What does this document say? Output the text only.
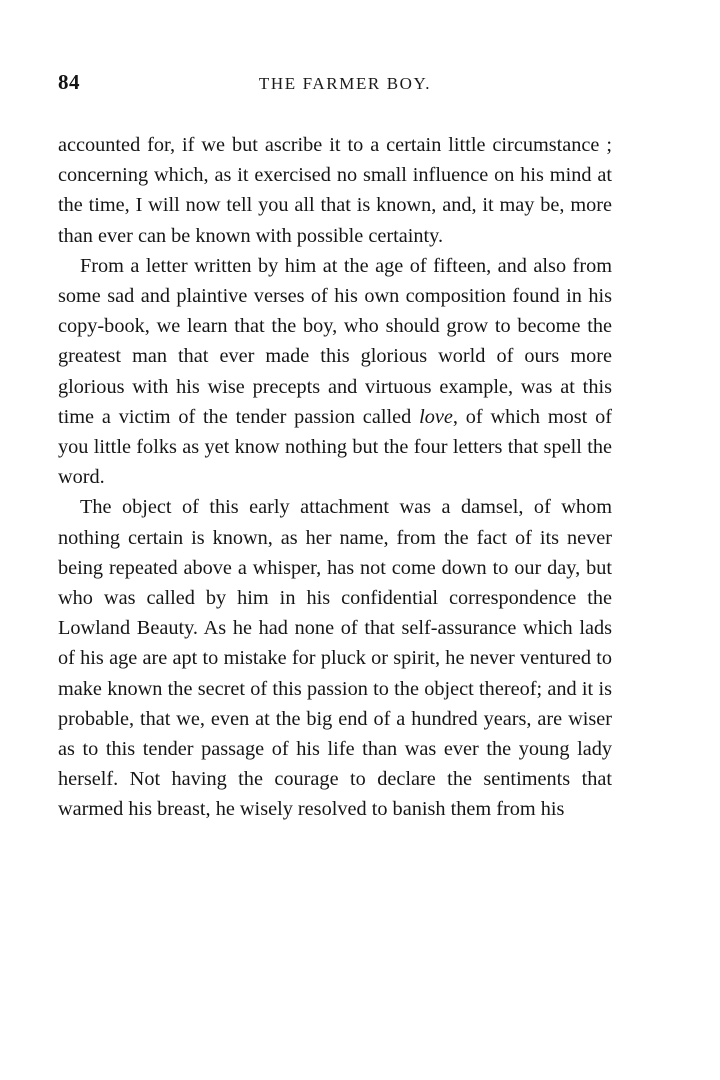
84	THE FARMER BOY.

accounted for, if we but ascribe it to a certain little circumstance ; concerning which, as it exercised no small influence on his mind at the time, I will now tell you all that is known, and, it may be, more than ever can be known with possible certainty.

From a letter written by him at the age of fifteen, and also from some sad and plaintive verses of his own composition found in his copy-book, we learn that the boy, who should grow to become the greatest man that ever made this glorious world of ours more glorious with his wise precepts and virtuous example, was at this time a victim of the tender passion called love, of which most of you little folks as yet know nothing but the four letters that spell the word.

The object of this early attachment was a damsel, of whom nothing certain is known, as her name, from the fact of its never being repeated above a whisper, has not come down to our day, but who was called by him in his confidential correspondence the Lowland Beauty. As he had none of that self-assurance which lads of his age are apt to mistake for pluck or spirit, he never ventured to make known the secret of this passion to the object thereof; and it is probable, that we, even at the big end of a hundred years, are wiser as to this tender passage of his life than was ever the young lady herself. Not having the courage to declare the sentiments that warmed his breast, he wisely resolved to banish them from his
